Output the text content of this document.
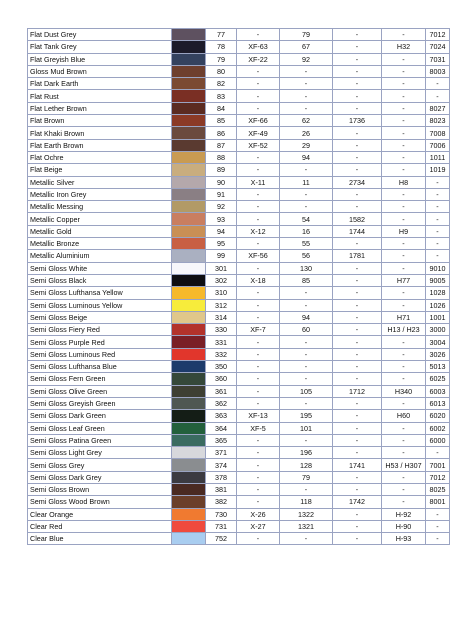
Flat Dust Grey		77	-	79	-	-	7012
Flat Tank Grey		78	XF-63	67	-	H32	7024
Flat Greyish Blue		79	XF-22	92	-	-	7031
Gloss Mud Brown		80	-	-	-	-	8003
Flat Dark Earth		82	-	-	-	-	-
Flat Rust		83	-	-	-	-	-
Flat Lether Brown		84	-	-	-	-	8027
Flat Brown		85	XF-66	62	1736	-	8023
Flat Khaki Brown		86	XF-49	26	-	-	7008
Flat Earth Brown		87	XF-52	29	-	-	7006
Flat Ochre		88	-	94	-	-	1011
Flat Beige		89	-	-	-	-	1019
Metallic Silver		90	X-11	11	2734	H8	-
Metallic Iron Grey		91	-	-	-	-	-
Metallic Messing		92	-	-	-	-	-
Metallic Copper		93	-	54	1582	-	-
Metallic Gold		94	X-12	16	1744	H9	-
Metallic Bronze		95	-	55	-	-	-
Metallic Aluminium		99	XF-56	56	1781	-	-
Semi Gloss White		301	-	130	-	-	9010
Semi Gloss Black		302	X-18	85	-	H77	9005
Semi Gloss Lufthansa Yellow		310	-	-	-	-	1028
Semi Gloss Luminous Yellow		312	-	-	-	-	1026
Semi Gloss Beige		314	-	94	-	H71	1001
Semi Gloss Fiery Red		330	XF-7	60	-	H13 / H23	3000
Semi Gloss Purple Red		331	-	-	-	-	3004
Semi Gloss Luminous Red		332	-	-	-	-	3026
Semi Gloss Lufthansa Blue		350	-	-	-	-	5013
Semi Gloss Fern Green		360	-	-	-	-	6025
Semi Gloss Olive Green		361	-	105	1712	H340	6003
Semi Gloss Greyish Green		362	-	-	-	-	6013
Semi Gloss Dark Green		363	XF-13	195	-	H60	6020
Semi Gloss Leaf Green		364	XF-5	101	-	-	6002
Semi Gloss Patina Green		365	-	-	-	-	6000
Semi Gloss Light Grey		371	-	196	-	-	-
Semi Gloss Grey		374	-	128	1741	H53 / H307	7001
Semi Gloss Dark Grey		378	-	79	-	-	7012
Semi Gloss Brown		381	-	-	-	-	8025
Semi Gloss Wood Brown		382	-	118	1742	-	8001
Clear Orange		730	X-26	1322	-	H-92	-
Clear Red		731	X-27	1321	-	H-90	-
Clear Blue		752	-	-	-	H-93	-
